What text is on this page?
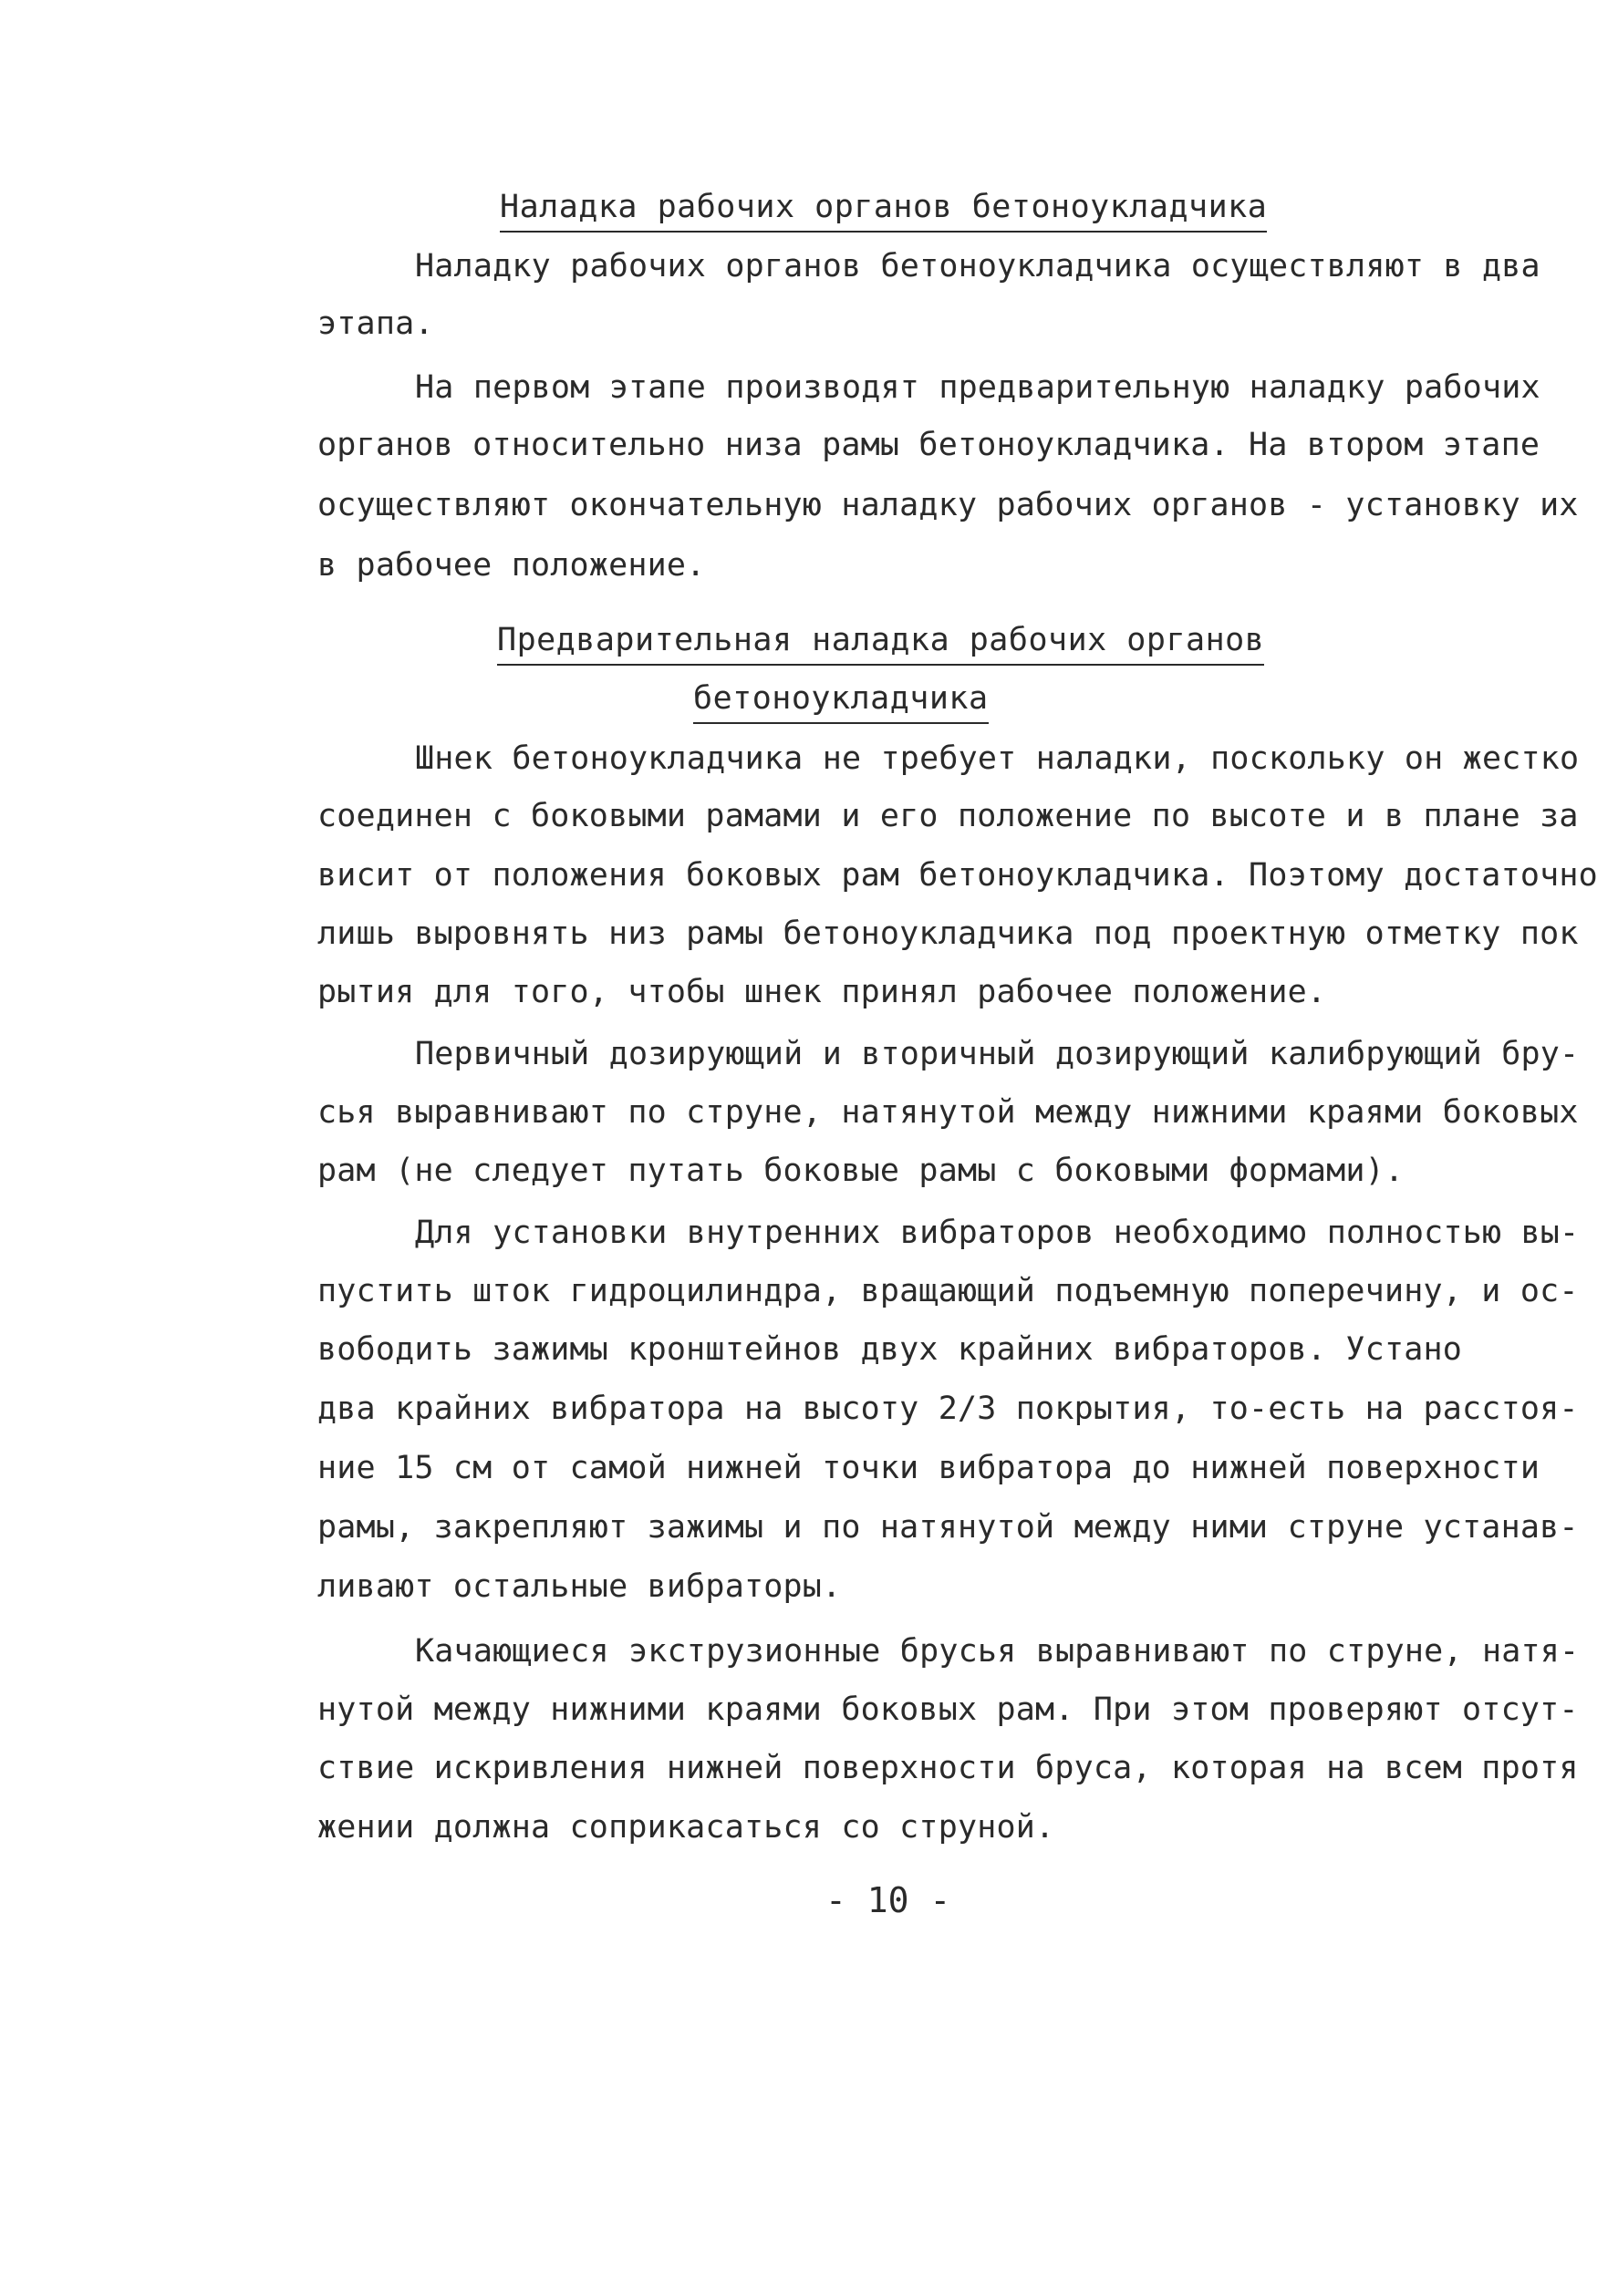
Наладка рабочих органов бетоноукладчика
Наладку рабочих органов бетоноукладчика осуществляют в два
этапа.
На первом этапе производят предварительную наладку рабочих
органов относительно низа рамы бетоноукладчика. На втором этапе
осуществляют окончательную наладку рабочих органов - установку их
в рабочее положение.
Предварительная наладка рабочих органов
бетоноукладчика
Шнек бетоноукладчика не требует наладки, поскольку он жестко
соединен с боковыми рамами и его положение по высоте и в плане за
висит от положения боковых рам бетоноукладчика. Поэтому достаточно
лишь выровнять низ рамы бетоноукладчика под проектную отметку пок
рытия для того, чтобы шнек принял рабочее положение.
Первичный дозирующий и вторичный дозирующий калибрующий бру-
сья выравнивают по струне, натянутой между нижними краями боковых
рам (не следует путать боковые рамы с боковыми формами).
Для установки внутренних вибраторов необходимо полностью вы-
пустить шток гидроцилиндра, вращающий подъемную поперечину, и ос-
вободить зажимы кронштейнов двух крайних вибраторов. Устано
два крайних вибратора на высоту 2/3 покрытия, то-есть на расстоя-
ние 15 см от самой нижней точки вибратора до нижней поверхности
рамы, закрепляют зажимы и по натянутой между ними струне устанав-
ливают остальные вибраторы.
Качающиеся экструзионные брусья выравнивают по струне, натя-
нутой между нижними краями боковых рам. При этом проверяют отсут-
ствие искривления нижней поверхности бруса, которая на всем протя
жении должна соприкасаться со струной.
- 10 -
